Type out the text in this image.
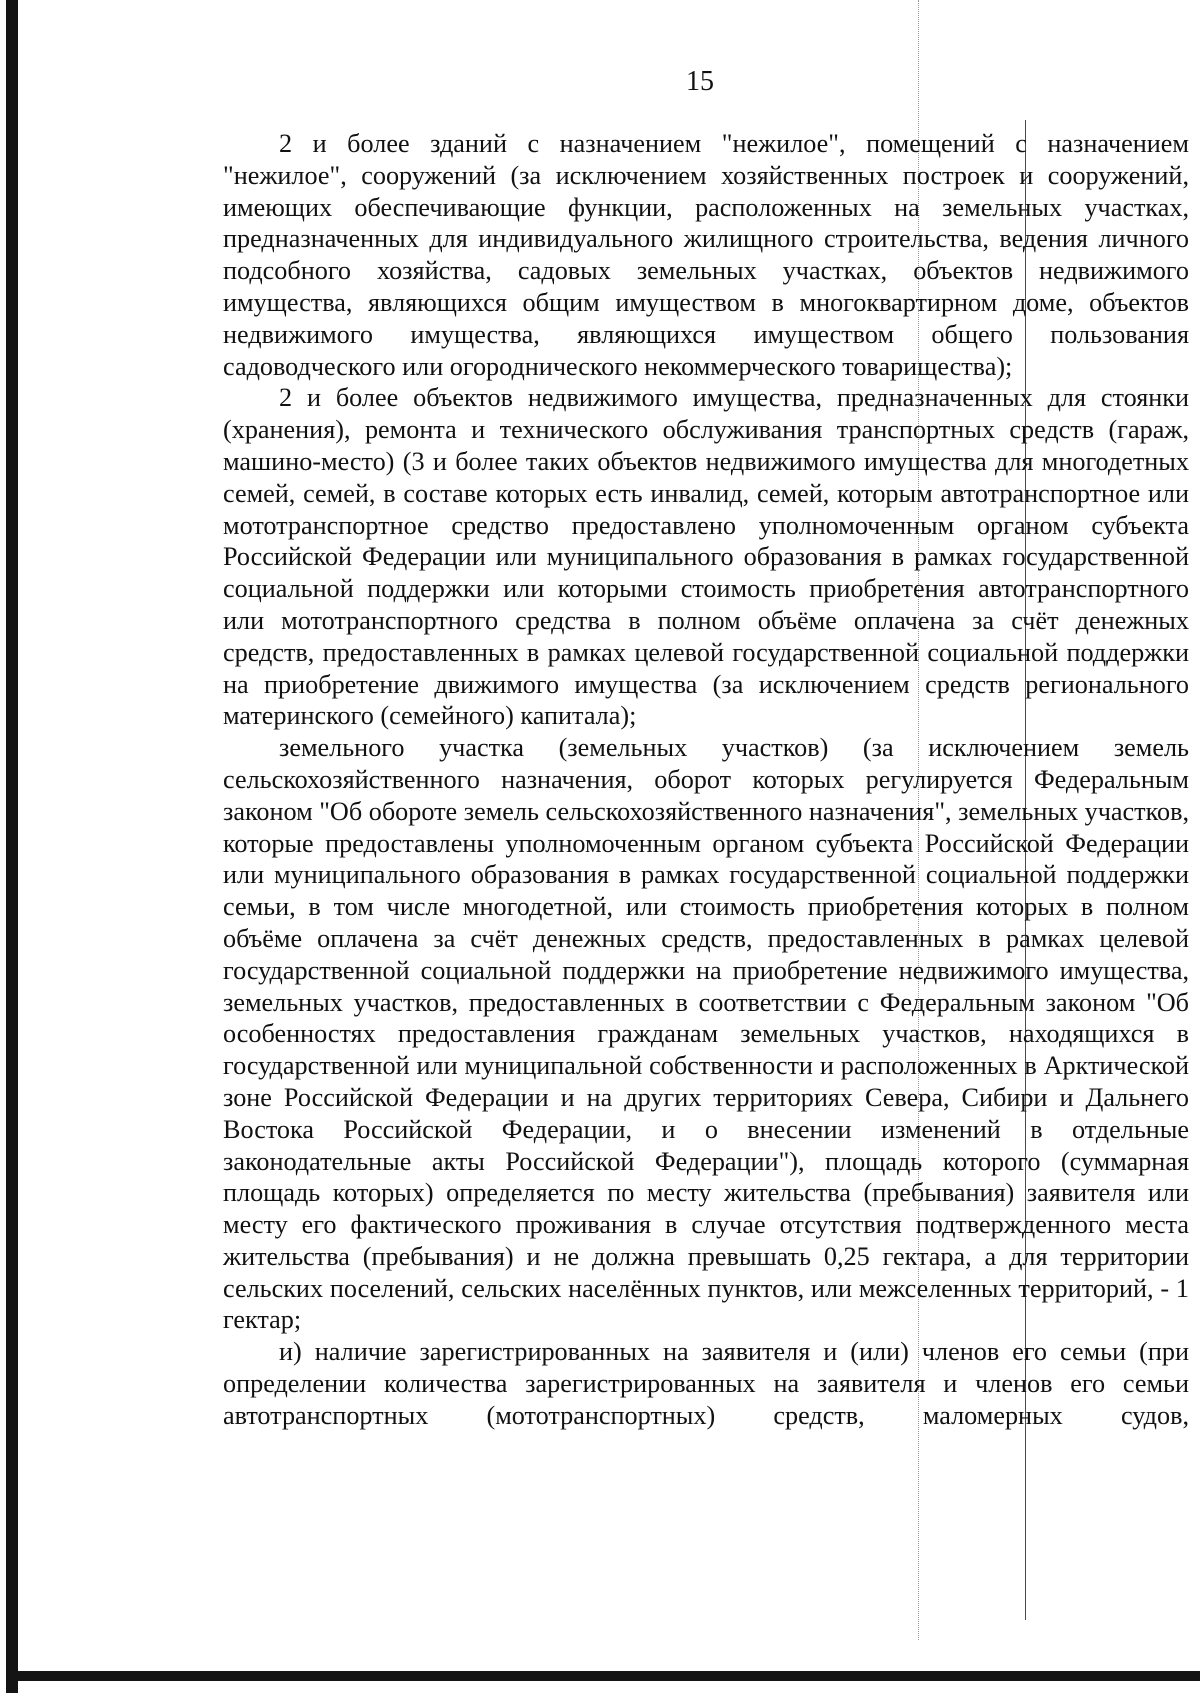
15

2 и более зданий с назначением "нежилое", помещений с назначением "нежилое", сооружений (за исключением хозяйственных построек и сооружений, имеющих обеспечивающие функции, расположенных на земельных участках, предназначенных для индивидуального жилищного строительства, ведения личного подсобного хозяйства, садовых земельных участках, объектов недвижимого имущества, являющихся общим имуществом в многоквартирном доме, объектов недвижимого имущества, являющихся имуществом общего пользования садоводческого или огороднического некоммерческого товарищества);

2 и более объектов недвижимого имущества, предназначенных для стоянки (хранения), ремонта и технического обслуживания транспортных средств (гараж, машино-место) (3 и более таких объектов недвижимого имущества для многодетных семей, семей, в составе которых есть инвалид, семей, которым автотранспортное или мототранспортное средство предоставлено уполномоченным органом субъекта Российской Федерации или муниципального образования в рамках государственной социальной поддержки или которыми стоимость приобретения автотранспортного или мототранспортного средства в полном объёме оплачена за счёт денежных средств, предоставленных в рамках целевой государственной социальной поддержки на приобретение движимого имущества (за исключением средств регионального материнского (семейного) капитала);

земельного участка (земельных участков) (за исключением земель сельскохозяйственного назначения, оборот которых регулируется Федеральным законом "Об обороте земель сельскохозяйственного назначения", земельных участков, которые предоставлены уполномоченным органом субъекта Российской Федерации или муниципального образования в рамках государственной социальной поддержки семьи, в том числе многодетной, или стоимость приобретения которых в полном объёме оплачена за счёт денежных средств, предоставленных в рамках целевой государственной социальной поддержки на приобретение недвижимого имущества, земельных участков, предоставленных в соответствии с Федеральным законом "Об особенностях предоставления гражданам земельных участков, находящихся в государственной или муниципальной собственности и расположенных в Арктической зоне Российской Федерации и на других территориях Севера, Сибири и Дальнего Востока Российской Федерации, и о внесении изменений в отдельные законодательные акты Российской Федерации"), площадь которого (суммарная площадь которых) определяется по месту жительства (пребывания) заявителя или месту его фактического проживания в случае отсутствия подтвержденного места жительства (пребывания) и не должна превышать 0,25 гектара, а для территории сельских поселений, сельских населённых пунктов, или межселенных территорий, - 1 гектар;

и) наличие зарегистрированных на заявителя и (или) членов его семьи (при определении количества зарегистрированных на заявителя и членов его семьи автотранспортных (мототранспортных) средств, маломерных судов,
